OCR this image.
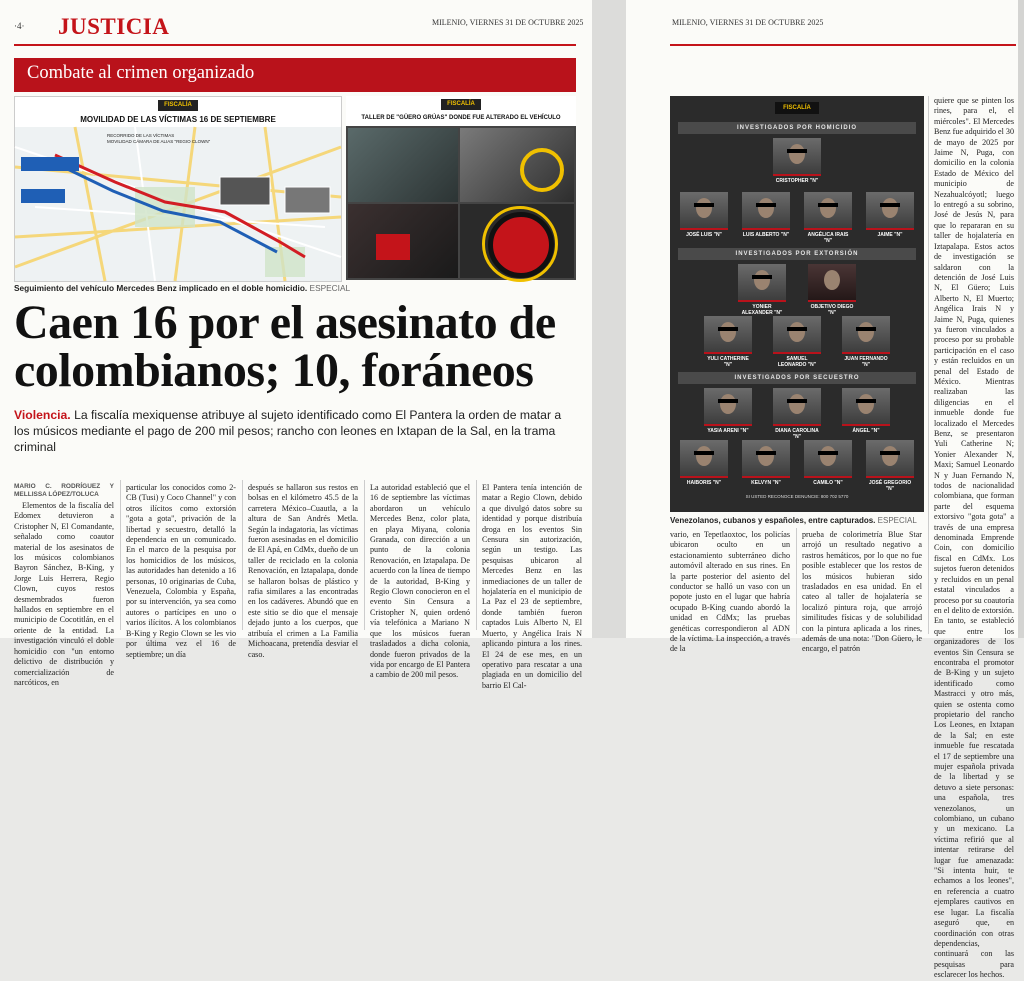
·4· JUSTICIA	MILENIO, VIERNES 31 DE OCTUBRE 2025
Combate al crimen organizado
FISCALÍA
MOVILIDAD DE LAS VÍCTIMAS 16 DE SEPTIEMBRE
RECORRIDO DE LAS VÍCTIMAS
MOVILIDAD CÁMARA DE ALIAS "REGIO CLOWN"
FISCALÍA
TALLER DE "GÜERO GRÚAS" DONDE FUE ALTERADO EL VEHÍCULO
Seguimiento del vehículo Mercedes Benz implicado en el doble homicidio. ESPECIAL
Caen 16 por el asesinato de colombianos; 10, foráneos
Violencia. La fiscalía mexiquense atribuye al sujeto identificado como El Pantera la orden de matar a los músicos mediante el pago de 200 mil pesos; rancho con leones en Ixtapan de la Sal, en la trama criminal
MARIO C. RODRÍGUEZ Y MELLISSA LÓPEZ/TOLUCA

Elementos de la fiscalía del Edomex detuvieron a Cristopher N, El Comandante, señalado como coautor material de los asesinatos de los músicos colombianos Bayron Sánchez, B-King, y Jorge Luis Herrera, Regio Clown, cuyos restos desmembrados fueron hallados en septiembre en el municipio de Cocotitlán, en el oriente de la entidad. La investigación vinculó el doble homicidio con "un entorno delictivo de distribución y comercialización de narcóticos, en

particular los conocidos como 2-CB (Tusi) y Coco Channel" y con otros ilícitos como extorsión "gota a gota", privación de la libertad y secuestro, detalló la dependencia en un comunicado. En el marco de la pesquisa por los homicidios de los músicos, las autoridades han detenido a 16 personas, 10 originarias de Cuba, Venezuela, Colombia y España, por su intervención, ya sea como autores o partícipes en uno o varios ilícitos. A los colombianos B-King y Regio Clown se les vio por última vez el 16 de septiembre; un día
después se hallaron sus restos en bolsas en el kilómetro 45.5 de la carretera México–Cuautla, a la altura de San Andrés Metla. Según la indagatoria, las víctimas fueron asesinadas en el domicilio de El Apá, en CdMx, dueño de un taller de reciclado en la colonia Renovación, en Iztapalapa, donde se hallaron bolsas de plástico y rafia similares a las encontradas en los cadáveres. Abundó que en este sitio se dio que el mensaje dejado junto a los cuerpos, que atribuía el crimen a La Familia Michoacana, pretendía desviar el caso.
La autoridad estableció que el 16 de septiembre las víctimas abordaron un vehículo Mercedes Benz, color plata, en playa Miyana, colonia Granada, con dirección a un punto de la colonia Renovación, en Iztapalapa. De acuerdo con la línea de tiempo de la autoridad, B-King y Regio Clown conocieron en el evento Sin Censura a Cristopher N, quien ordenó vía telefónica a Mariano N que los músicos fueran trasladados a dicha colonia, donde fueron privados de la vida por encargo de El Pantera a cambio de 200 mil pesos.
El Pantera tenía intención de matar a Regio Clown, debido a que divulgó datos sobre su identidad y porque distribuía droga en los eventos Sin Censura sin autorización, según un testigo. Las pesquisas ubicaron al Mercedes Benz en las inmediaciones de un taller de hojalatería en el municipio de La Paz el 23 de septiembre, donde también fueron captados Luis Alberto N, El Muerto, y Angélica Irais N aplicando pintura a los rines. El 24 de ese mes, en un operativo para rescatar a una plagiada en un domicilio del barrio El Cal-
MILENIO, VIERNES 31 DE OCTUBRE 2025
FISCALÍA
INVESTIGADOS POR HOMICIDIO
CRISTOPHER "N"
JOSÉ LUIS "N"	LUIS ALBERTO "N"	ANGÉLICA IRAIS "N"
JAIME "N"
INVESTIGADOS POR EXTORSIÓN
YONIER ALEXANDER "N"
OBJETIVO DIEGO "N"
YULI CATHERINE "N"
SAMUEL LEONARDO "N"
JUAN FERNANDO "N"
INVESTIGADOS POR SECUESTRO
YASIA ARENI "N"	DIANA CAROLINA "N"
ÁNGEL "N"
HAIBORIS "N"	KELVYN "N"	CAMILO "N"	JOSÉ GREGORIO "N"
SI USTED RECONOCE DENUNCIE: 800 702 5770
Venezolanos, cubanos y españoles, entre capturados. ESPECIAL
vario, en Tepetlaoxtoc, los policías ubicaron oculto en un estacionamiento subterráneo dicho automóvil alterado en sus rines. En la parte posterior del asiento del conductor se halló un vaso con un popote justo en el lugar que habría ocupado B-King cuando abordó la unidad en CdMx; las pruebas genéticas correspondieron al ADN de la víctima. La inspección, a través de la
prueba de colorimetría Blue Star arrojó un resultado negativo a rastros hemáticos, por lo que no fue posible establecer que los restos de los músicos hubieran sido trasladados en esa unidad. En el cateo al taller de hojalatería se localizó pintura roja, que arrojó similitudes físicas y de solubilidad con la pintura aplicada a los rines, además de una nota: "Don Güero, le encargo, el patrón
quiere que se pinten los rines, para el, el miércoles". El Mercedes Benz fue adquirido el 30 de mayo de 2025 por Jaime N, Puga, con domicilio en la colonia Estado de México del municipio de Nezahualcóyotl; luego lo entregó a su sobrino, José de Jesús N, para que lo repararan en su taller de hojalatería en Iztapalapa. Estos actos de investigación se saldaron con la detención de José Luis N, El Güero; Luis Alberto N, El Muerto; Angélica Irais N y Jaime N, Puga, quienes ya fueron vinculados a proceso por su probable participación en el caso y están recluidos en un penal del Estado de México. Mientras realizaban las diligencias en el inmueble donde fue localizado el Mercedes Benz, se presentaron Yuli Catherine N; Yonier Alexander N, Maxi; Samuel Leonardo N y Juan Fernando N, todos de nacionalidad colombiana, que forman parte del esquema extorsivo "gota gota" a través de una empresa denominada Emprende Coin, con domicilio fiscal en CdMx. Los sujetos fueron detenidos y recluidos en un penal estatal vinculados a proceso por su coautoría en el delito de extorsión. En tanto, se estableció que entre los organizadores de los eventos Sin Censura se encontraba el promotor de B-King y un sujeto identificado como Mastracci y otro más, quien se ostenta como propietario del rancho Los Leones, en Ixtapan de la Sal; en este inmueble fue rescatada el 17 de septiembre una mujer española privada de la libertad y se detuvo a siete personas: una española, tres venezolanos, un colombiano, un cubano y un mexicano. La víctima refirió que al intentar retirarse del lugar fue amenazada: "Si intenta huir, te echamos a los leones", en referencia a cuatro ejemplares cautivos en ese lugar. La fiscalía aseguró que, en coordinación con otras dependencias, continuará con las pesquisas para esclarecer los hechos.
